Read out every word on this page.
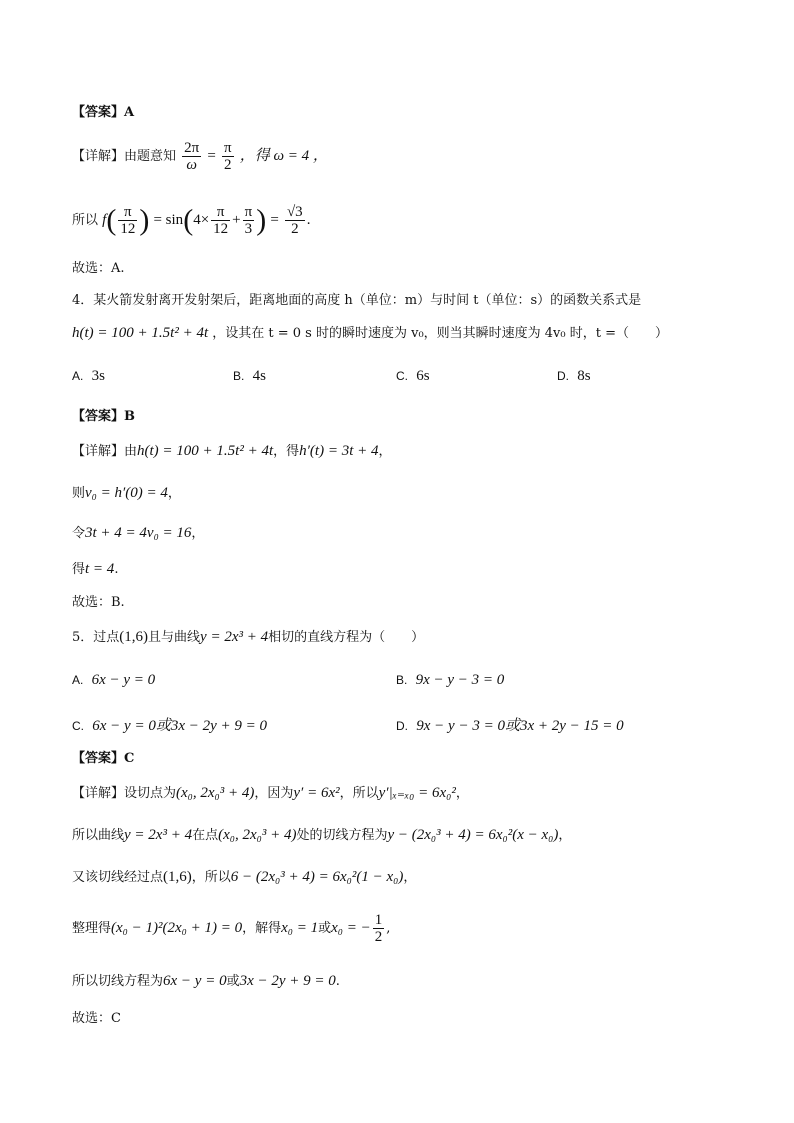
【答案】A
【详解】由题意知 $\frac{2\pi}{\omega} = \frac{\pi}{2}$ ，得 ω = 4 ，
所以 $f( \frac{\pi}{12}$ ) = $\sin(4\times \frac{\pi}{12} + \frac{\pi}{3}$ ) = $\frac{√3}{2}$ .
故选：A.
4．某火箭发射离开发射架后，距离地面的高度 h（单位：m）与时间 t（单位：s）的函数关系式是
h(t) = 100 + 1.5t² + 4t ，设其在 t = 0 s 时的瞬时速度为 v₀，则当其瞬时速度为 4v₀ 时，t =（　　）
A. 3s	B. 4s	C. 6s	D. 8s
【答案】B
【详解】由h(t) = 100 + 1.5t² + 4t，得h′(t) = 3t + 4，
则v₀ = h′(0) = 4，
令3t + 4 = 4v₀ = 16，
得t = 4.
故选：B.
5．过点(1,6)且与曲线y = 2x³ + 4相切的直线方程为（　　）
A. 6x − y = 0	B. 9x − y − 3 = 0
C. 6x − y = 0或3x − 2y + 9 = 0	D. 9x − y − 3 = 0或3x + 2y − 15 = 0
【答案】C
【详解】设切点为(x₀, 2x₀³ + 4)，因为y′ = 6x²，所以y′|ₓ₌ₓ₀ = 6x₀²，
所以曲线y = 2x³ + 4在点(x₀, 2x₀³ + 4)处的切线方程为y − (2x₀³ + 4) = 6x₀²(x − x₀)，
又该切线经过点(1,6)，所以6 − (2x₀³ + 4) = 6x₀²(1 − x₀)，
整理得(x₀ − 1)²(2x₀ + 1) = 0，解得x₀ = 1或x₀ = − $\frac{1}{2}$ ,
所以切线方程为6x − y = 0或3x − 2y + 9 = 0.
故选：C
